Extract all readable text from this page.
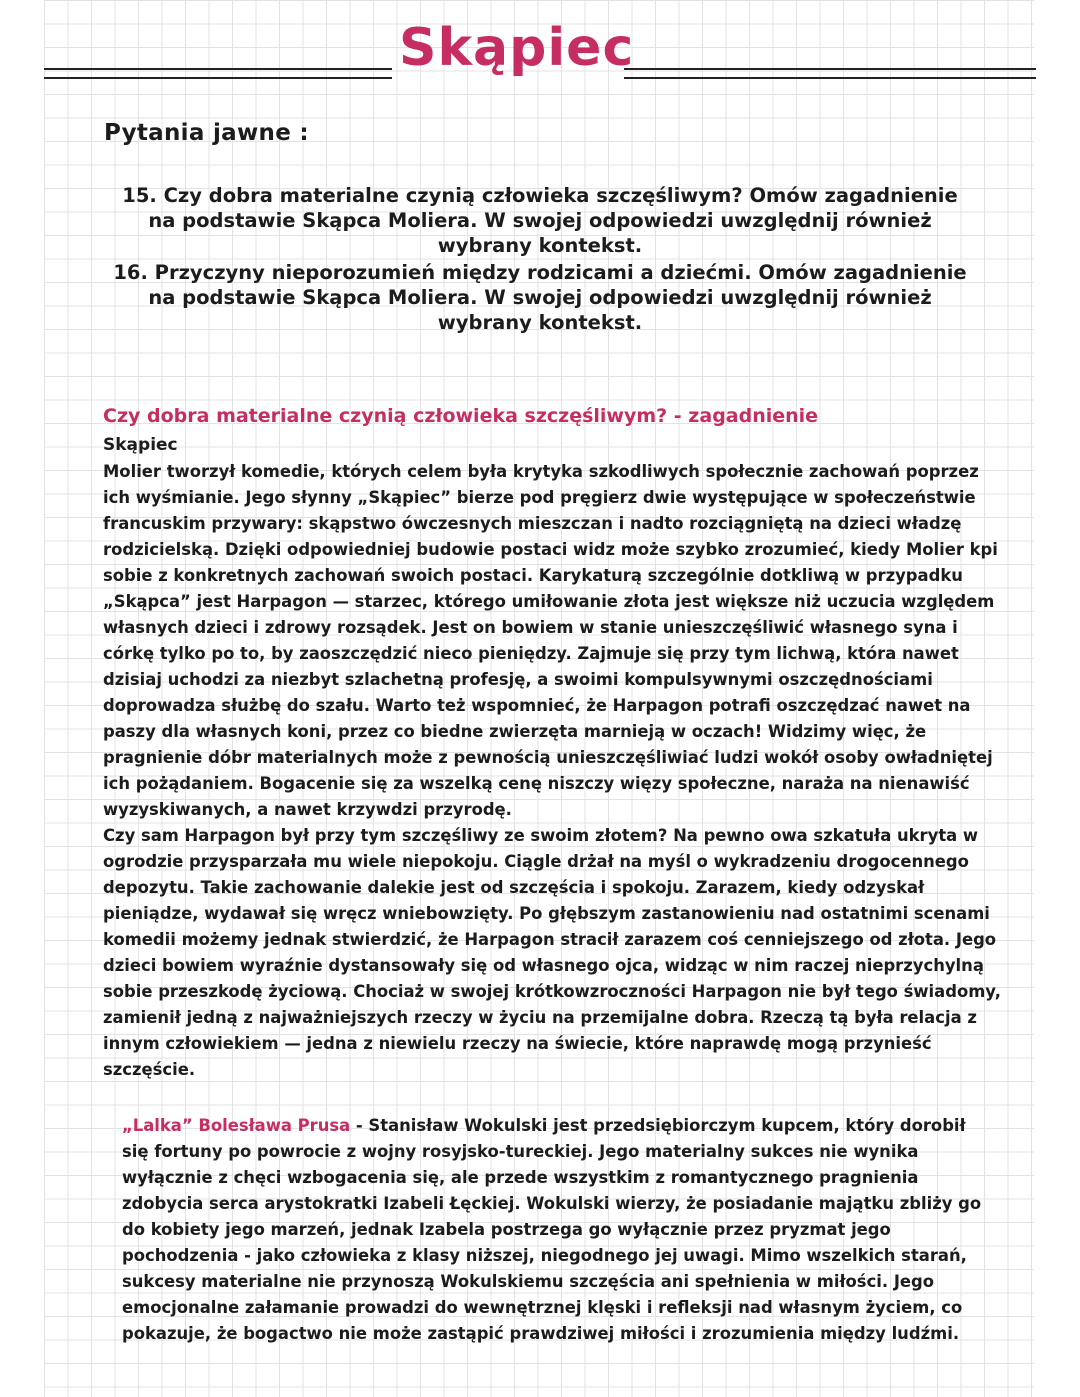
Skąpiec
Pytania jawne :

15. Czy dobra materialne czynią człowieka szczęśliwym? Omów zagadnienie na podstawie Skąpca Moliera. W swojej odpowiedzi uwzględnij również wybrany kontekst.

16. Przyczyny nieporozumień między rodzicami a dziećmi. Omów zagadnienie na podstawie Skąpca Moliera. W swojej odpowiedzi uwzględnij również wybrany kontekst.

Czy dobra materialne czynią człowieka szczęśliwym? - zagadnienie
Skąpiec
Molier tworzył komedie, których celem była krytyka szkodliwych społecznie zachowań poprzez ich wyśmianie. Jego słynny „Skąpiec” bierze pod pręgierz dwie występujące w społeczeństwie francuskim przywary: skąpstwo ówczesnych mieszczan i nadto rozciągniętą na dzieci władzę rodzicielską. Dzięki odpowiedniej budowie postaci widz może szybko zrozumieć, kiedy Molier kpi sobie z konkretnych zachowań swoich postaci. Karykaturą szczególnie dotkliwą w przypadku „Skąpca” jest Harpagon — starzec, którego umiłowanie złota jest większe niż uczucia względem własnych dzieci i zdrowy rozsądek. Jest on bowiem w stanie unieszczęśliwić własnego syna i córkę tylko po to, by zaoszczędzić nieco pieniędzy. Zajmuje się przy tym lichwą, która nawet dzisiaj uchodzi za niezbyt szlachetną profesję, a swoimi kompulsywnymi oszczędnościami doprowadza służbę do szału. Warto też wspomnieć, że Harpagon potrafi oszczędzać nawet na paszy dla własnych koni, przez co biedne zwierzęta marnieją w oczach! Widzimy więc, że pragnienie dóbr materialnych może z pewnością unieszczęśliwiać ludzi wokół osoby owładniętej ich pożądaniem. Bogacenie się za wszelką cenę niszczy więzy społeczne, naraża na nienawiść wyzyskiwanych, a nawet krzywdzi przyrodę.
Czy sam Harpagon był przy tym szczęśliwy ze swoim złotem? Na pewno owa szkatuła ukryta w ogrodzie przysparzała mu wiele niepokoju. Ciągle drżał na myśl o wykradzeniu drogocennego depozytu. Takie zachowanie dalekie jest od szczęścia i spokoju. Zarazem, kiedy odzyskał pieniądze, wydawał się wręcz wniebowzięty. Po głębszym zastanowieniu nad ostatnimi scenami komedii możemy jednak stwierdzić, że Harpagon stracił zarazem coś cenniejszego od złota. Jego dzieci bowiem wyraźnie dystansowały się od własnego ojca, widząc w nim raczej nieprzychylną sobie przeszkodę życiową. Chociaż w swojej krótkowzroczności Harpagon nie był tego świadomy, zamienił jedną z najważniejszych rzeczy w życiu na przemijalne dobra. Rzeczą tą była relacja z innym człowiekiem — jedna z niewielu rzeczy na świecie, które naprawdę mogą przynieść szczęście.
„Lalka” Bolesława Prusa - Stanisław Wokulski jest przedsiębiorczym kupcem, który dorobił się fortuny po powrocie z wojny rosyjsko-tureckiej. Jego materialny sukces nie wynika wyłącznie z chęci wzbogacenia się, ale przede wszystkim z romantycznego pragnienia zdobycia serca arystokratki Izabeli Łęckiej. Wokulski wierzy, że posiadanie majątku zbliży go do kobiety jego marzeń, jednak Izabela postrzega go wyłącznie przez pryzmat jego pochodzenia - jako człowieka z klasy niższej, niegodnego jej uwagi. Mimo wszelkich starań, sukcesy materialne nie przynoszą Wokulskiemu szczęścia ani spełnienia w miłości. Jego emocjonalne załamanie prowadzi do wewnętrznej klęski i refleksji nad własnym życiem, co pokazuje, że bogactwo nie może zastąpić prawdziwej miłości i zrozumienia między ludźmi.
